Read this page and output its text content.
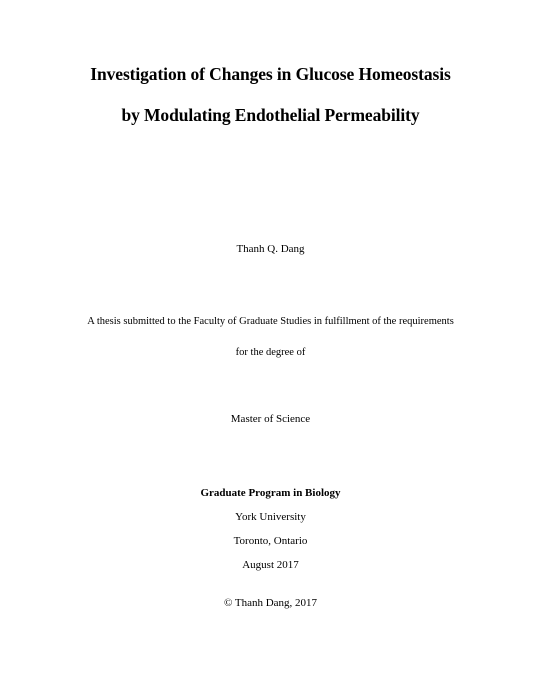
Investigation of Changes in Glucose Homeostasis
by Modulating Endothelial Permeability
Thanh Q. Dang
A thesis submitted to the Faculty of Graduate Studies in fulfillment of the requirements
for the degree of
Master of Science
Graduate Program in Biology
York University
Toronto, Ontario
August 2017
© Thanh Dang, 2017
